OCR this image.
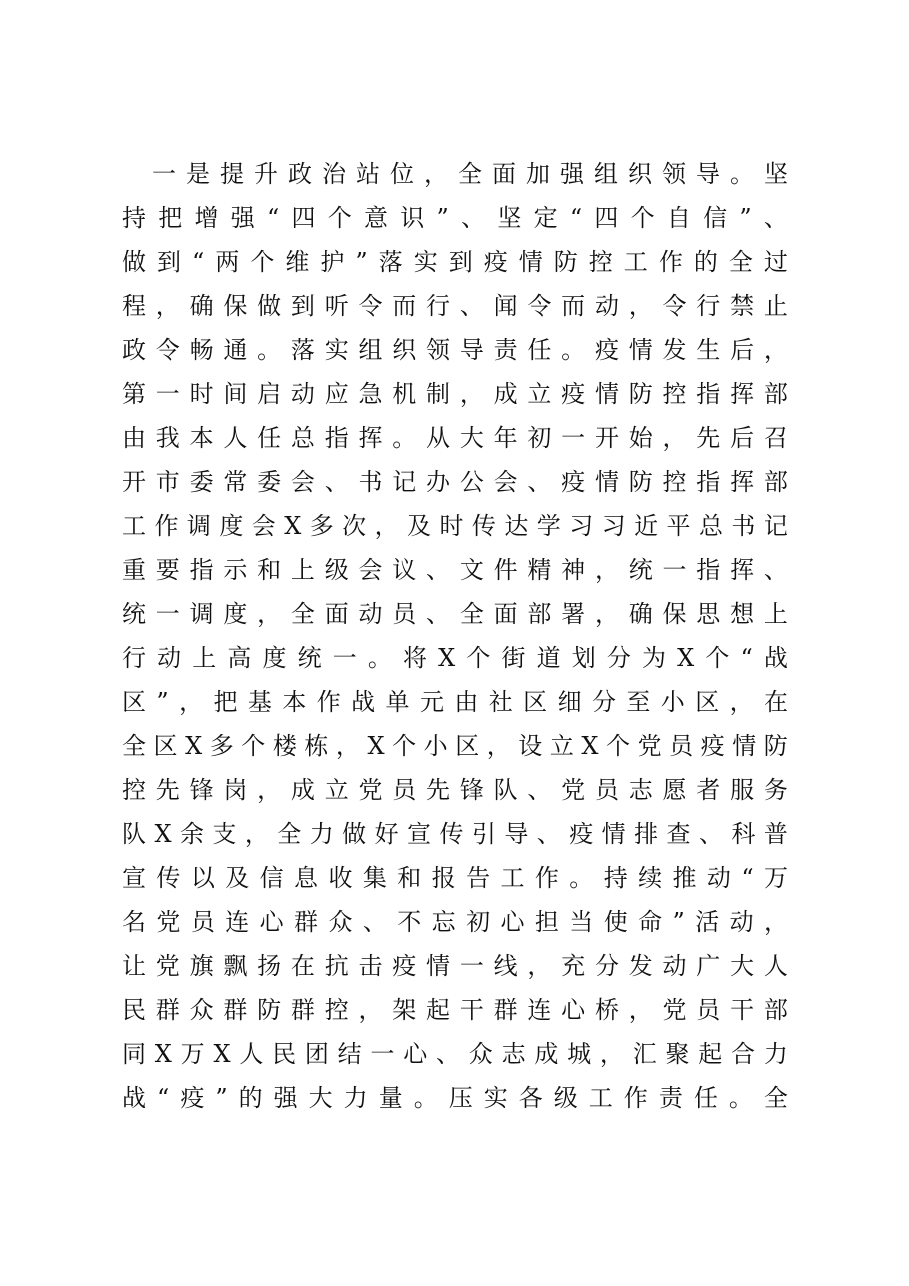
一 是 提 升 政 治 站 位 ， 全 面 加 强 组 织 领 导 。 坚
持 把 增 强 “ 四 个 意 识 ” 、 坚 定 “ 四 个 自 信 ” 、
做 到 “ 两 个 维 护 ” 落 实 到 疫 情 防 控 工 作 的 全 过
程 ， 确 保 做 到 听 令 而 行 、 闻 令 而 动 ， 令 行 禁 止
政 令 畅 通 。 落 实 组 织 领 导 责 任 。 疫 情 发 生 后 ，
第 一 时 间 启 动 应 急 机 制 ， 成 立 疫 情 防 控 指 挥 部
由 我 本 人 任 总 指 挥 。 从 大 年 初 一 开 始 ， 先 后 召
开 市 委 常 委 会 、 书 记 办 公 会 、 疫 情 防 控 指 挥 部
工 作 调 度 会 X 多 次 ， 及 时 传 达 学 习 习 近 平 总 书 记
重 要 指 示 和 上 级 会 议 、 文 件 精 神 ， 统 一 指 挥 、
统 一 调 度 ， 全 面 动 员 、 全 面 部 署 ， 确 保 思 想 上
行 动 上 高 度 统 一 。 将 X 个 街 道 划 分 为 X 个 “ 战
区 ” ， 把 基 本 作 战 单 元 由 社 区 细 分 至 小 区 ， 在
全 区 X 多 个 楼 栋 ， X 个 小 区 ， 设 立 X 个 党 员 疫 情 防
控 先 锋 岗 ， 成 立 党 员 先 锋 队 、 党 员 志 愿 者 服 务
队 X 余 支 ， 全 力 做 好 宣 传 引 导 、 疫 情 排 查 、 科 普
宣 传 以 及 信 息 收 集 和 报 告 工 作 。 持 续 推 动 “ 万
名 党 员 连 心 群 众 、 不 忘 初 心 担 当 使 命 ” 活 动 ，
让 党 旗 飘 扬 在 抗 击 疫 情 一 线 ， 充 分 发 动 广 大 人
民 群 众 群 防 群 控 ， 架 起 干 群 连 心 桥 ， 党 员 干 部
同 X 万 X 人 民 团 结 一 心 、 众 志 成 城 ， 汇 聚 起 合 力
战 “ 疫 ” 的 强 大 力 量 。 压 实 各 级 工 作 责 任 。 全
